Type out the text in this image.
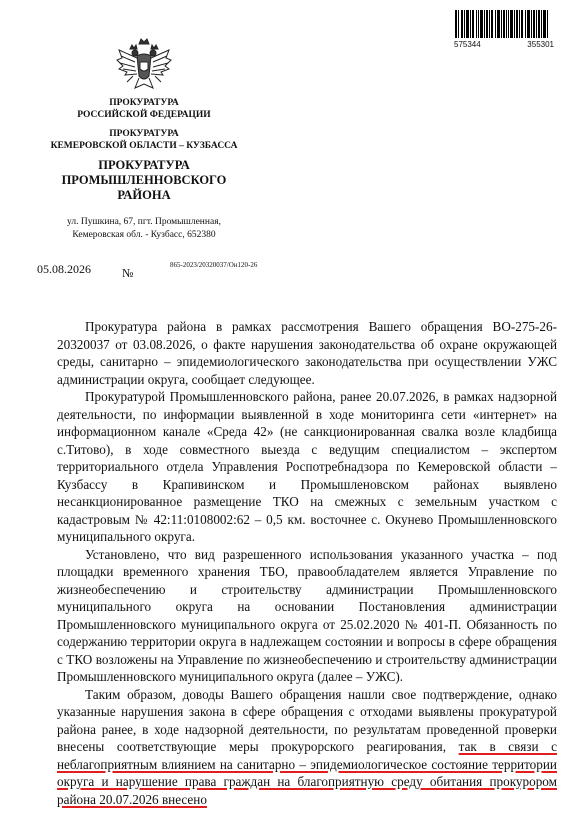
ПРОКУРАТУРА
РОССИЙСКОЙ ФЕДЕРАЦИИ
ПРОКУРАТУРА
КЕМЕРОВСКОЙ ОБЛАСТИ – КУЗБАССА
ПРОКУРАТУРА
ПРОМЫШЛЕННОВСКОГО
РАЙОНА
ул. Пушкина, 67, пгт. Промышленная,
Кемеровская обл. - Кузбасс, 652380
05.08.2026	№
865-2023/20320037/Он120-26
575344	355301

Прокуратура района в рамках рассмотрения Вашего обращения ВО-275-26-20320037 от 03.08.2026, о факте нарушения законодательства об охране окружающей среды, санитарно – эпидемиологического законодательства при осуществлении УЖС администрации округа, сообщает следующее.

Прокуратурой Промышленновского района, ранее 20.07.2026, в рамках надзорной деятельности, по информации выявленной в ходе мониторинга сети «интернет» на информационном канале «Среда 42» (не санкционированная свалка возле кладбища с.Титово), в ходе совместного выезда с ведущим специалистом – экспертом территориального отдела Управления Роспотребнадзора по Кемеровской области – Кузбассу в Крапивинском и Промышленовском районах выявлено несанкционированное размещение ТКО на смежных с земельным участком с кадастровым № 42:11:0108002:62 – 0,5 км. восточнее с. Окунево Промышленновского муниципального округа.

Установлено, что вид разрешенного использования указанного участка – под площадки временного хранения ТБО, правообладателем является Управление по жизнеобеспечению и строительству администрации Промышленновского муниципального округа на основании Постановления администрации Промышленновского муниципального округа от 25.02.2020 № 401-П. Обязанность по содержанию территории округа в надлежащем состоянии и вопросы в сфере обращения с ТКО возложены на Управление по жизнеобеспечению и строительству администрации Промышленновского муниципального округа (далее – УЖС).

Таким образом, доводы Вашего обращения нашли свое подтверждение, однако указанные нарушения закона в сфере обращения с отходами выявлены прокуратурой района ранее, в ходе надзорной деятельности, по результатам проведенной проверки внесены соответствующие меры прокурорского реагирования, так в связи с неблагоприятным влиянием на санитарно – эпидемиологическое состояние территории округа и нарушение права граждан на благоприятную среду обитания прокурором района 20.07.2026 внесено
